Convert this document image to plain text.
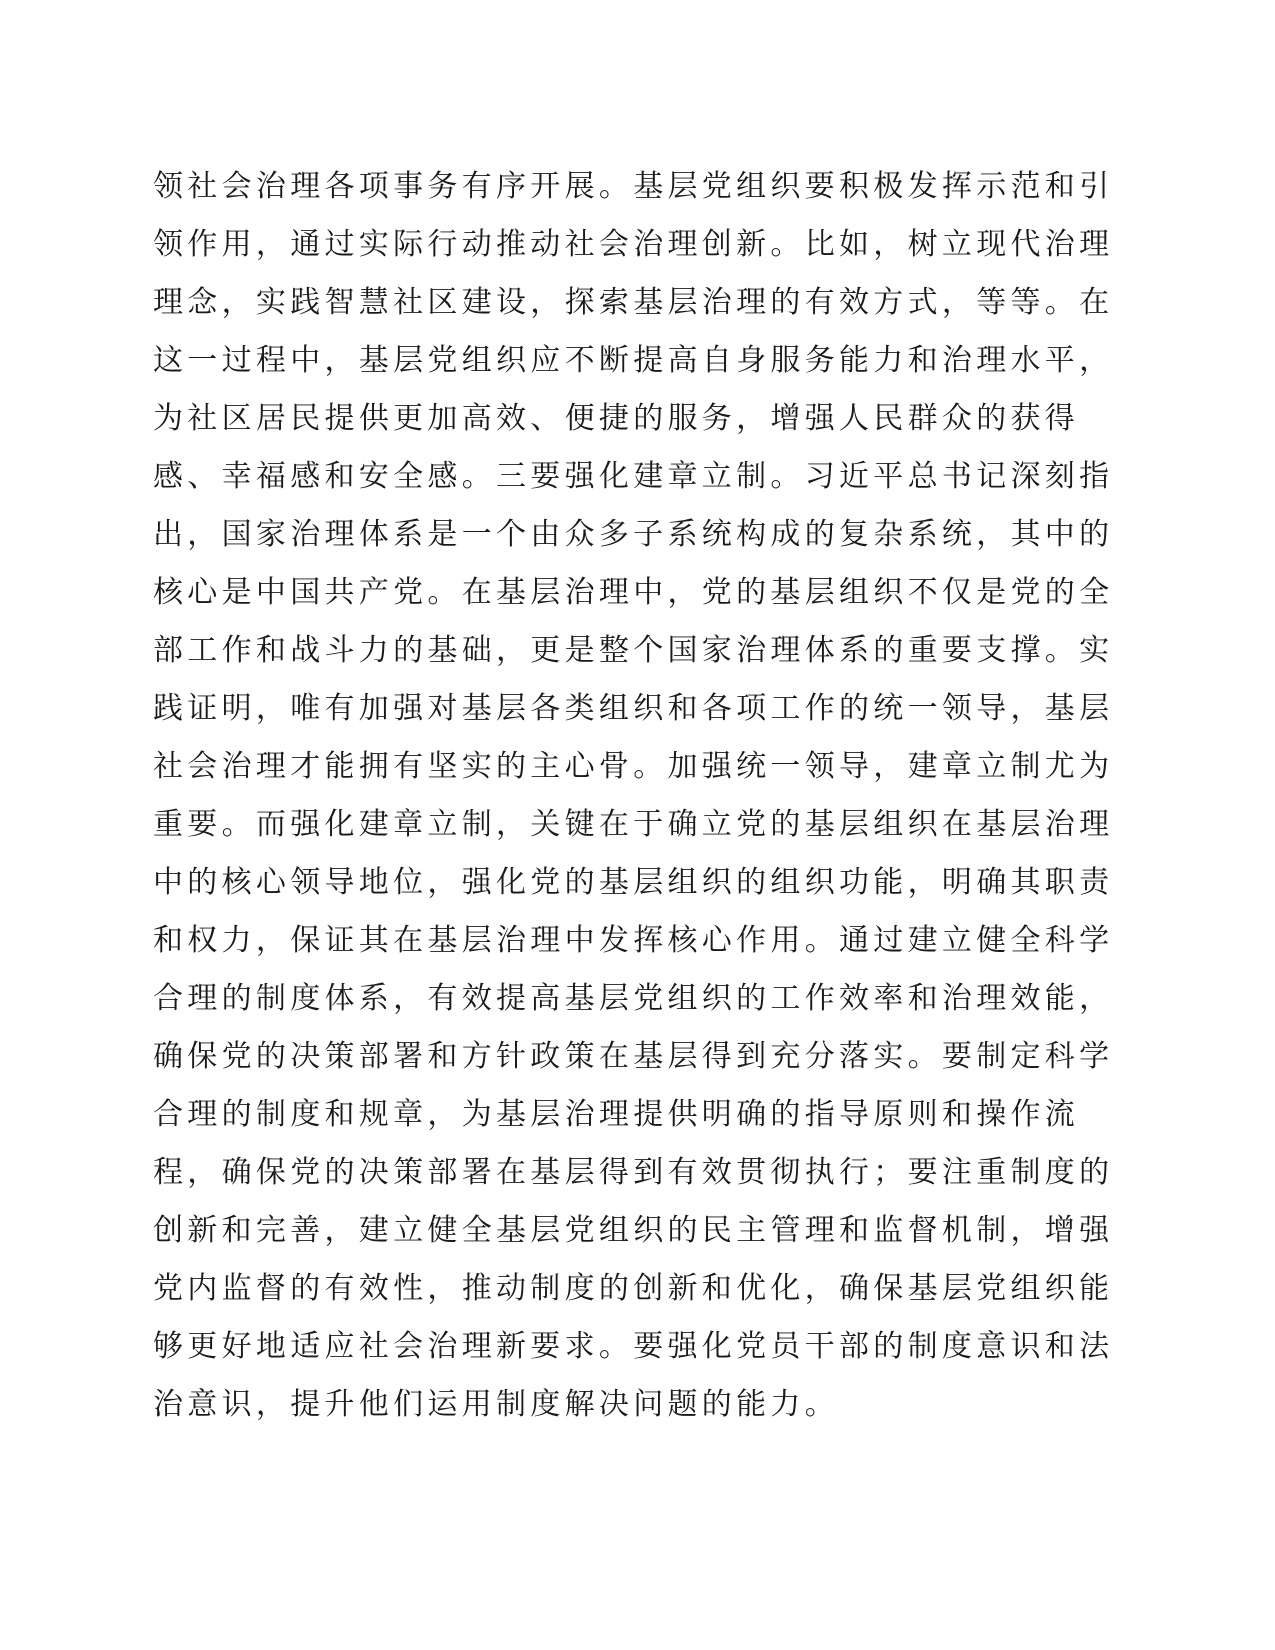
领社会治理各项事务有序开展。基层党组织要积极发挥示范和引
领作用，通过实际行动推动社会治理创新。比如，树立现代治理
理念，实践智慧社区建设，探索基层治理的有效方式，等等。在
这一过程中，基层党组织应不断提高自身服务能力和治理水平，
为社区居民提供更加高效、便捷的服务，增强人民群众的获得
感、幸福感和安全感。三要强化建章立制。习近平总书记深刻指
出，国家治理体系是一个由众多子系统构成的复杂系统，其中的
核心是中国共产党。在基层治理中，党的基层组织不仅是党的全
部工作和战斗力的基础，更是整个国家治理体系的重要支撑。实
践证明，唯有加强对基层各类组织和各项工作的统一领导，基层
社会治理才能拥有坚实的主心骨。加强统一领导，建章立制尤为
重要。而强化建章立制，关键在于确立党的基层组织在基层治理
中的核心领导地位，强化党的基层组织的组织功能，明确其职责
和权力，保证其在基层治理中发挥核心作用。通过建立健全科学
合理的制度体系，有效提高基层党组织的工作效率和治理效能，
确保党的决策部署和方针政策在基层得到充分落实。要制定科学
合理的制度和规章，为基层治理提供明确的指导原则和操作流
程，确保党的决策部署在基层得到有效贯彻执行；要注重制度的
创新和完善，建立健全基层党组织的民主管理和监督机制，增强
党内监督的有效性，推动制度的创新和优化，确保基层党组织能
够更好地适应社会治理新要求。要强化党员干部的制度意识和法
治意识，提升他们运用制度解决问题的能力。
